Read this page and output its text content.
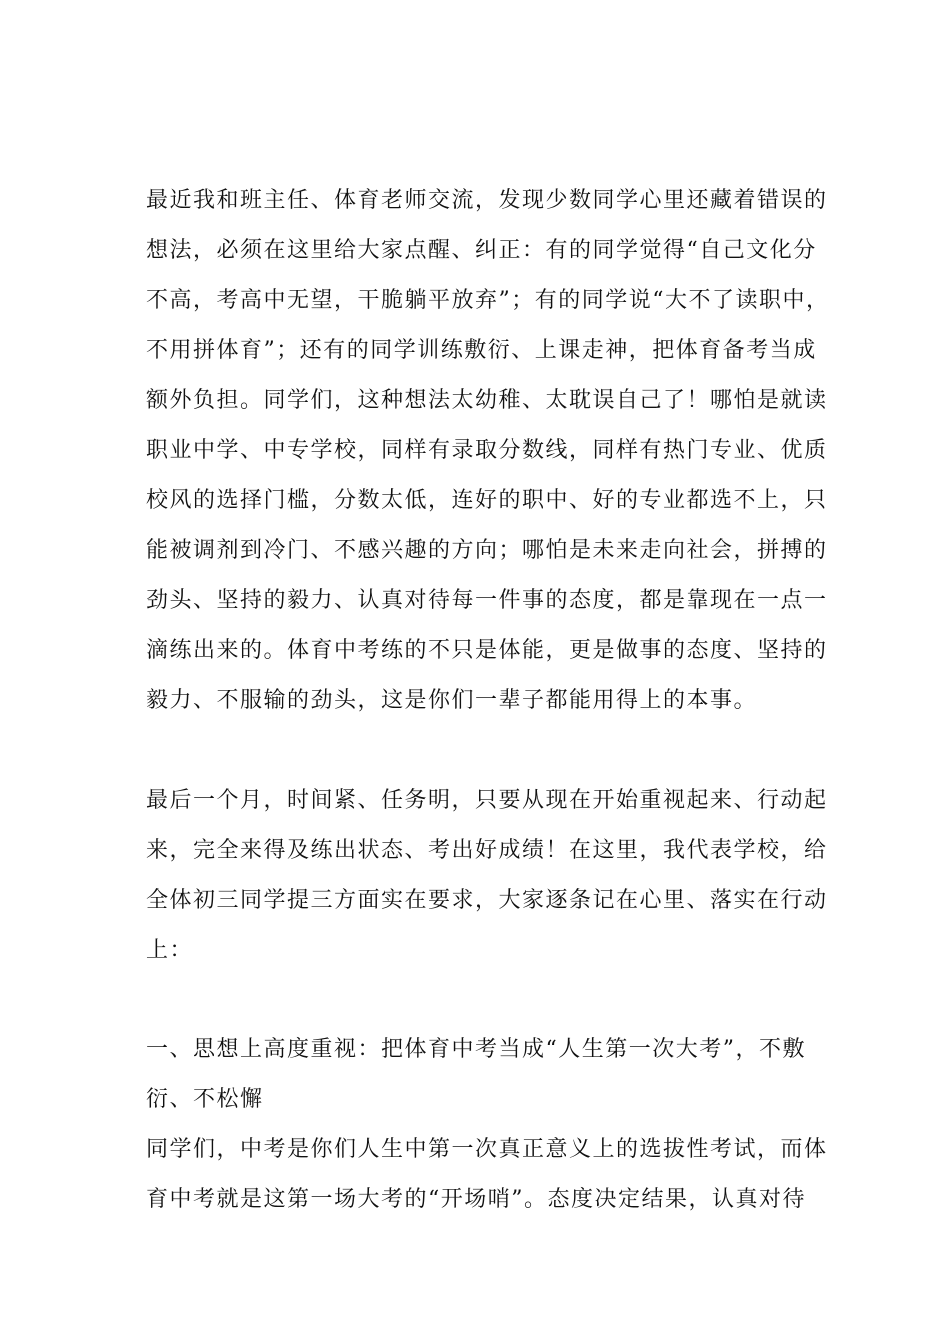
最近我和班主任、体育老师交流，发现少数同学心里还藏着错误的
想法，必须在这里给大家点醒、纠正：有的同学觉得“自己文化分
不高，考高中无望，干脆躺平放弃”；有的同学说“大不了读职中，
不用拼体育”；还有的同学训练敷衍、上课走神，把体育备考当成
额外负担。同学们，这种想法太幼稚、太耽误自己了！哪怕是就读
职业中学、中专学校，同样有录取分数线，同样有热门专业、优质
校风的选择门槛，分数太低，连好的职中、好的专业都选不上，只
能被调剂到冷门、不感兴趣的方向；哪怕是未来走向社会，拼搏的
劲头、坚持的毅力、认真对待每一件事的态度，都是靠现在一点一
滴练出来的。体育中考练的不只是体能，更是做事的态度、坚持的
毅力、不服输的劲头，这是你们一辈子都能用得上的本事。
最后一个月，时间紧、任务明，只要从现在开始重视起来、行动起
来，完全来得及练出状态、考出好成绩！在这里，我代表学校，给
全体初三同学提三方面实在要求，大家逐条记在心里、落实在行动
上：
一、思想上高度重视：把体育中考当成“人生第一次大考”，不敷
衍、不松懈
同学们，中考是你们人生中第一次真正意义上的选拔性考试，而体
育中考就是这第一场大考的“开场哨”。态度决定结果，认真对待
